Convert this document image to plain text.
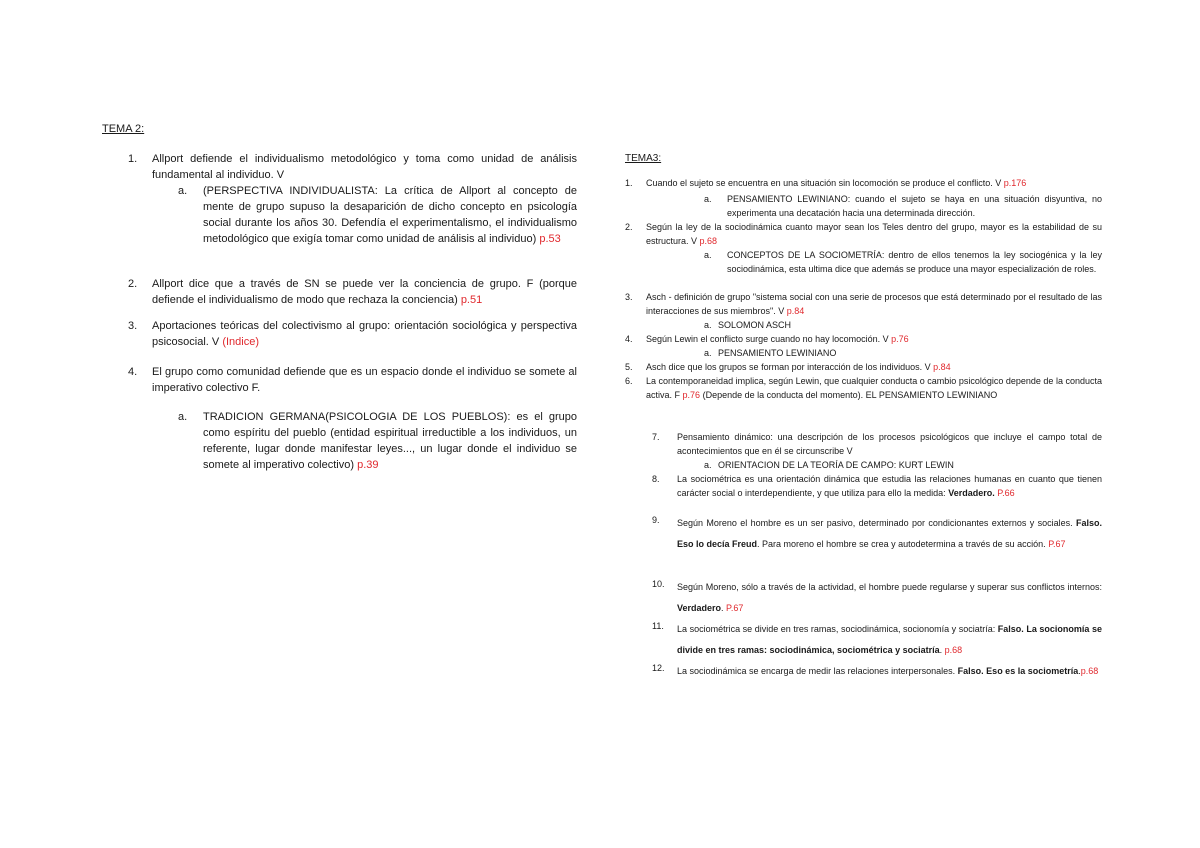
TEMA 2:
1. Allport defiende el individualismo metodológico y toma como unidad de análisis fundamental al individuo. V
a. (PERSPECTIVA INDIVIDUALISTA: La crítica de Allport al concepto de mente de grupo supuso la desaparición de dicho concepto en psicología social durante los años 30. Defendía el experimentalismo, el individualismo metodológico que exigía tomar como unidad de análisis al individuo) p.53
2. Allport dice que a través de SN se puede ver la conciencia de grupo. F (porque defiende el individualismo de modo que rechaza la conciencia) p.51
3. Aportaciones teóricas del colectivismo al grupo: orientación sociológica y perspectiva psicosocial. V (Indice)
4. El grupo como comunidad defiende que es un espacio donde el individuo se somete al imperativo colectivo F.
a. TRADICION GERMANA(PSICOLOGIA DE LOS PUEBLOS): es el grupo como espíritu del pueblo (entidad espiritual irreductible a los individuos, un referente, lugar donde manifestar leyes..., un lugar donde el individuo se somete al imperativo colectivo) p.39
TEMA3:
1. Cuando el sujeto se encuentra en una situación sin locomoción se produce el conflicto. V p.176
a. PENSAMIENTO LEWINIANO: cuando el sujeto se haya en una situación disyuntiva, no experimenta una decatación hacia una determinada dirección.
2. Según la ley de la sociodinámica cuanto mayor sean los Teles dentro del grupo, mayor es la estabilidad de su estructura. V p.68
a. CONCEPTOS DE LA SOCIOMETRÍA: dentro de ellos tenemos la ley sociogénica y la ley sociodinámica, esta ultima dice que además se produce una mayor especialización de roles.
3. Asch - definición de grupo "sistema social con una serie de procesos que está determinado por el resultado de las interacciones de sus miembros". V p.84
a. SOLOMON ASCH
4. Según Lewin el conflicto surge cuando no hay locomoción. V p.76
a. PENSAMIENTO LEWINIANO
5. Asch dice que los grupos se forman por interacción de los individuos. V p.84
6. La contemporaneidad implica, según Lewin, que cualquier conducta o cambio psicológico depende de la conducta activa. F p.76 (Depende de la conducta del momento). EL PENSAMIENTO LEWINIANO
7. Pensamiento dinámico: una descripción de los procesos psicológicos que incluye el campo total de acontecimientos que en él se circunscribe V
a. ORIENTACION DE LA TEORÍA DE CAMPO: KURT LEWIN
8. La sociométrica es una orientación dinámica que estudia las relaciones humanas en cuanto que tienen carácter social o interdependiente, y que utiliza para ello la medida: Verdadero. P.66
9. Según Moreno el hombre es un ser pasivo, determinado por condicionantes externos y sociales. Falso. Eso lo decía Freud. Para moreno el hombre se crea y autodetermina a través de su acción. P.67
10. Según Moreno, sólo a través de la actividad, el hombre puede regularse y superar sus conflictos internos: Verdadero. P.67
11. La sociométrica se divide en tres ramas, sociodinámica, socionomía y sociatría: Falso. La socionomía se divide en tres ramas: sociodinámica, sociométrica y sociatría. p.68
12. La sociodinámica se encarga de medir las relaciones interpersonales. Falso. Eso es la sociometría.p.68
